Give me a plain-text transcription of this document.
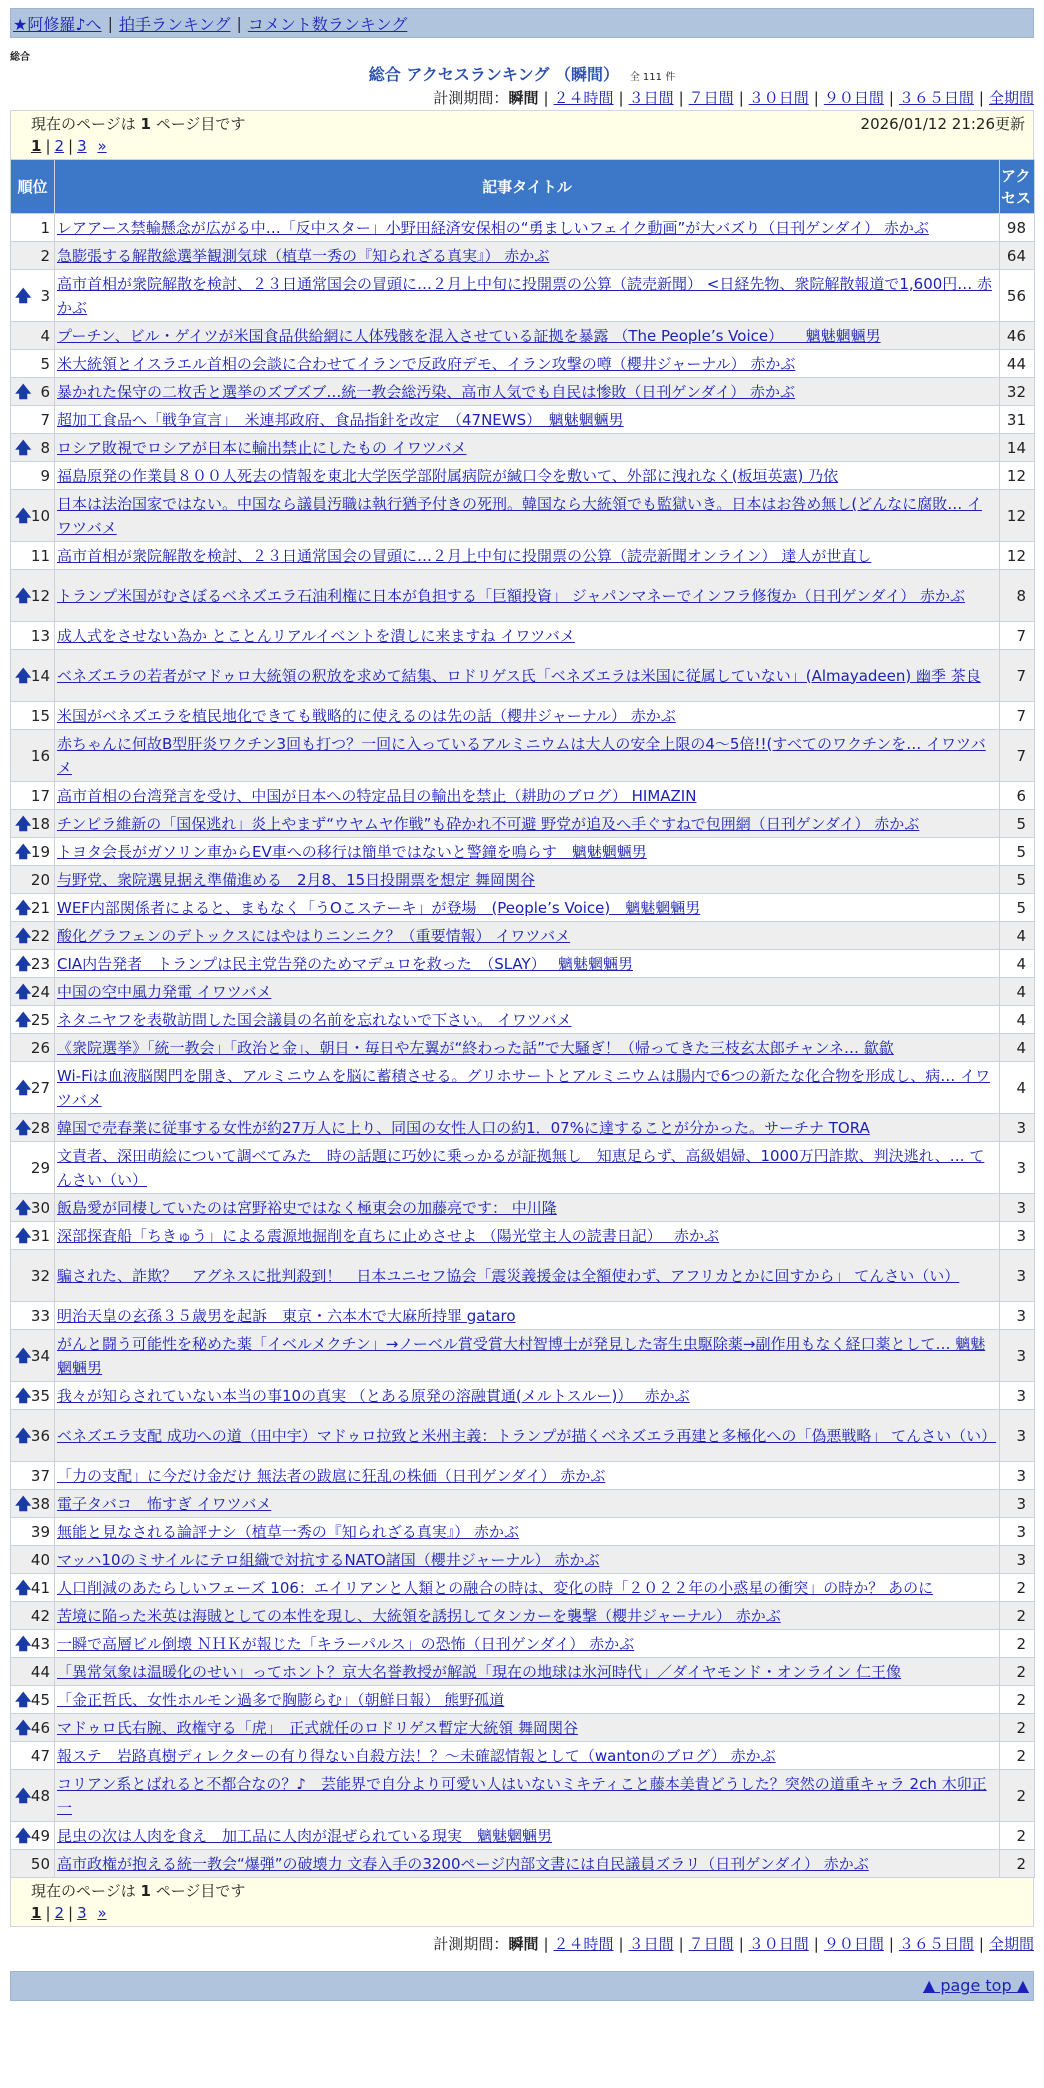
★阿修羅♪へ | 拍手ランキング | コメント数ランキング
総合
総合 アクセスランキング （瞬間） 全 111 件
計測期間：瞬間 | ２４時間 | ３日間 | ７日間 | ３０日間 | ９０日間 | ３６５日間 | 全期間
現在のページは 1 ページ目です	2026/01/12 21:26更新
1 | 2 | 3 »
順位	記事タイトル	アクセス
1	レアアース禁輸懸念が広がる中…「反中スター」小野田経済安保相の“勇ましいフェイク動画”が大バズり（日刊ゲンダイ） 赤かぶ	98
2	急膨張する解散総選挙観測気球（植草一秀の『知られざる真実』） 赤かぶ	64

🡅 3	高市首相が衆院解散を検討、２３日通常国会の冒頭に…２月上中旬に投開票の公算（読売新聞） <日経先物、衆院解散報道で1,600円… 赤かぶ	56
4	プーチン、ビル・ゲイツが米国食品供給網に人体残骸を混入させている証拠を暴露 （The People’s Voice）　　魑魅魍魎男	46
5	米大統領とイスラエル首相の会談に合わせてイランで反政府デモ、イラン攻撃の噂（櫻井ジャーナル） 赤かぶ	44

🡅 6	暴かれた保守の二枚舌と選挙のズブズブ…統一教会総汚染、高市人気でも自民は惨敗（日刊ゲンダイ） 赤かぶ	32
7	超加工食品へ「戦争宣言」　米連邦政府、食品指針を改定　（47NEWS）　魑魅魍魎男	31

🡅 8	ロシア敗視でロシアが日本に輸出禁止にしたもの イワツバメ	14
9	福島原発の作業員８００人死去の情報を東北大学医学部附属病院が緘口令を敷いて、外部に洩れなく(板垣英憲) 乃依	12

🡅 10	日本は法治国家ではない。中国なら議員汚職は執行猶予付きの死刑。韓国なら大統領でも監獄いき。日本はお咎め無し(どんなに腐敗… イワツバメ	12
11	高市首相が衆院解散を検討、２３日通常国会の冒頭に…２月上中旬に投開票の公算（読売新聞オンライン） 達人が世直し	12

🡅 12	トランプ米国がむさぼるベネズエラ石油利権に日本が負担する「巨額投資」 ジャパンマネーでインフラ修復か（日刊ゲンダイ） 赤かぶ	8
13	成人式をさせない為か とことんリアルイベントを潰しに来ますね イワツバメ	7

🡅 14	ベネズエラの若者がマドゥロ大統領の釈放を求めて結集、ロドリゲス氏「ベネズエラは米国に従属していない」(Almayadeen) 幽季 茶良	7
15	米国がベネズエラを植民地化できても戦略的に使えるのは先の話（櫻井ジャーナル） 赤かぶ	7
16	赤ちゃんに何故B型肝炎ワクチン3回も打つ？一回に入っているアルミニウムは大人の安全上限の4～5倍!!(すべてのワクチンを… イワツバメ	7
17	高市首相の台湾発言を受け、中国が日本への特定品目の輸出を禁止（耕助のブログ） HIMAZIN	6

🡅 18	チンピラ維新の「国保逃れ」炎上やまず“ウヤムヤ作戦”も砕かれ不可避 野党が追及へ手ぐすねで包囲網（日刊ゲンダイ） 赤かぶ	5

🡅 19	トヨタ会長がガソリン車からEV車への移行は簡単ではないと警鐘を鳴らす　魑魅魍魎男	5
20	与野党、衆院選見据え準備進める　2月8、15日投開票を想定 舞岡関谷	5

🡅 21	WEF内部関係者によると、まもなく「うOこステーキ」が登場　(People’s Voice)　魑魅魍魎男	5

🡅 22	酸化グラフェンのデトックスにはやはりニンニク？（重要情報） イワツバメ	4

🡅 23	CIA内告発者　トランプは民主党告発のためマデュロを救った　（SLAY）　 魑魅魍魎男	4

🡅 24	中国の空中風力発電 イワツバメ	4

🡅 25	ネタニヤフを表敬訪問した国会議員の名前を忘れないで下さい。 イワツバメ	4
26	《衆院選挙》「統一教会」「政治と金」、朝日・毎日や左翼が“終わった話”で大騒ぎ！（帰ってきた三枝玄太郎チャンネ… 歙歙	4

🡅 27	Wi-Fiは血液脳関門を開き、アルミニウムを脳に蓄積させる。グリホサートとアルミニウムは腸内で6つの新たな化合物を形成し、病… イワツバメ	4

🡅 28	韓国で売春業に従事する女性が約27万人に上り、同国の女性人口の約1．07%に達することが分かった。サーチナ TORA	3
29	文責者、深田萌絵について調べてみた　時の話題に巧妙に乗っかるが証拠無し　知恵足らず、高級娼婦、1000万円詐欺、判決逃れ、… てんさい（い）	3

🡅 30	飯島愛が同棲していたのは宮野裕史ではなく極東会の加藤亮です： 中川隆	3

🡅 31	深部探査船「ちきゅう」による震源地掘削を直ちに止めさせよ （陽光堂主人の読書日記）　 赤かぶ	3
32	騙された、詐欺？　アグネスに批判殺到！　日本ユニセフ協会「震災義援金は全額使わず、アフリカとかに回すから」 てんさい（い）	3
33	明治天皇の玄孫３５歳男を起訴　東京・六本木で大麻所持罪 gataro	3

🡅 34	がんと闘う可能性を秘めた薬「イベルメクチン」→ノーベル賞受賞大村智博士が発見した寄生虫駆除薬→副作用もなく経口薬として… 魑魅魍魎男	3

🡅 35	我々が知らされていない本当の事10の真実 （とある原発の溶融貫通(メルトスルー)）　 赤かぶ	3

🡅 36	ベネズエラ支配 成功への道（田中宇）マドゥロ拉致と米州主義：トランプが描くベネズエラ再建と多極化への「偽悪戦略」 てんさい（い）	3
37	「力の支配」に今だけ金だけ 無法者の跋扈に狂乱の株価（日刊ゲンダイ） 赤かぶ	3

🡅 38	電子タバコ　怖すぎ イワツバメ	3
39	無能と見なされる論評ナシ（植草一秀の『知られざる真実』） 赤かぶ	3
40	マッハ10のミサイルにテロ組織で対抗するNATO諸国（櫻井ジャーナル） 赤かぶ	3

🡅 41	人口削減のあたらしいフェーズ 106：エイリアンと人類との融合の時は、変化の時「２０２２年の小惑星の衝突」の時か？ あのに	2
42	苦境に陥った米英は海賊としての本性を現し、大統領を誘拐してタンカーを襲撃（櫻井ジャーナル） 赤かぶ	2

🡅 43	一瞬で高層ビル倒壊 ＮＨＫが報じた「キラーパルス」の恐怖（日刊ゲンダイ） 赤かぶ	2
44	「異常気象は温暖化のせい」ってホント？京大名誉教授が解説「現在の地球は氷河時代」／ダイヤモンド・オンライン 仁王像	2

🡅 45	「金正哲氏、女性ホルモン過多で胸膨らむ」（朝鮮日報） 熊野孤道	2

🡅 46	マドゥロ氏右腕、政権守る「虎」　正式就任のロドリゲス暫定大統領 舞岡関谷	2
47	報ステ　岩路真樹ディレクターの有り得ない自殺方法！？～未確認情報として（wantonのブログ） 赤かぶ	2

🡅 48	コリアン系とばれると不都合なの？♪　芸能界で自分より可愛い人はいないミキティこと藤本美貴どうした？突然の道重キャラ 2ch 木卯正一	2

🡅 49	昆虫の次は人肉を食え　加工品に人肉が混ぜられている現実　魑魅魍魎男	2
50	高市政権が抱える統一教会“爆弾”の破壊力 文春入手の3200ページ内部文書には自民議員ズラリ（日刊ゲンダイ） 赤かぶ	2
現在のページは 1 ページ目です
1 | 2 | 3 »
計測期間：瞬間 | ２４時間 | ３日間 | ７日間 | ３０日間 | ９０日間 | ３６５日間 | 全期間
▲ page top ▲
